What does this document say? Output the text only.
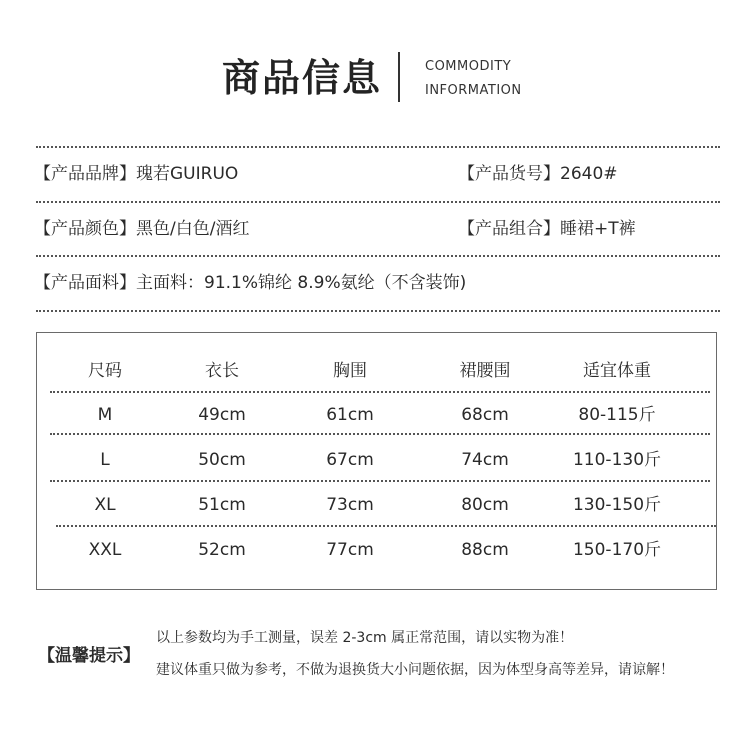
商品信息	COMMODITY
INFORMATION
【产品品牌】瑰若GUIRUO	【产品货号】2640#
【产品颜色】黑色/白色/酒红	【产品组合】睡裙+T裤
【产品面料】主面料：91.1%锦纶 8.9%氨纶（不含装饰)
尺码	衣长	胸围	裙腰围	适宜体重
M	49cm	61cm	68cm	80-115斤
L	50cm	67cm	74cm	110-130斤
XL	51cm	73cm	80cm	130-150斤
XXL	52cm	77cm	88cm	150-170斤
【温馨提示】
以上参数均为手工测量，误差 2-3cm 属正常范围，请以实物为准！
建议体重只做为参考，不做为退换货大小问题依据，因为体型身高等差异，请谅解！
